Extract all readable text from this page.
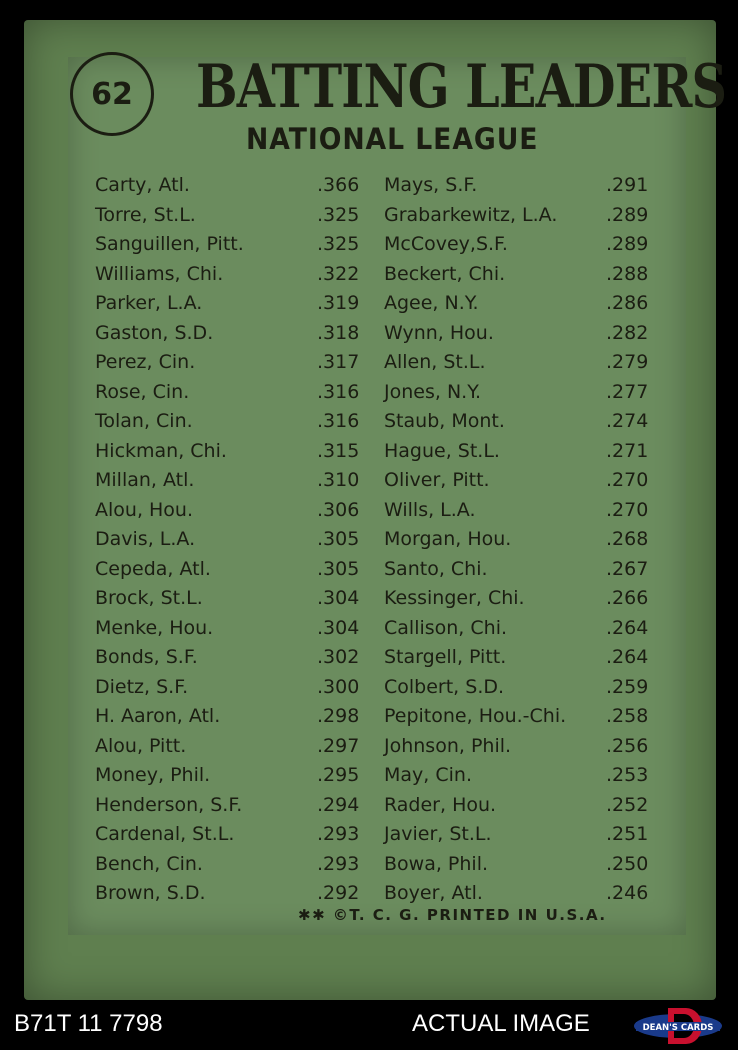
62 BATTING LEADERS
NATIONAL LEAGUE
Carty, Atl.	.366
Torre, St.L.	.325
Sanguillen, Pitt.	.325
Williams, Chi.	.322
Parker, L.A.	.319
Gaston, S.D.	.318
Perez, Cin.	.317
Rose, Cin.	.316
Tolan, Cin.	.316
Hickman, Chi.	.315
Millan, Atl.	.310
Alou, Hou.	.306
Davis, L.A.	.305
Cepeda, Atl.	.305
Brock, St.L.	.304
Menke, Hou.	.304
Bonds, S.F.	.302
Dietz, S.F.	.300
H. Aaron, Atl.	.298
Alou, Pitt.	.297
Money, Phil.	.295
Henderson, S.F.	.294
Cardenal, St.L.	.293
Bench, Cin.	.293
Brown, S.D.	.292
Mays, S.F.	.291
Grabarkewitz, L.A.	.289
McCovey,S.F.	.289
Beckert, Chi.	.288
Agee, N.Y.	.286
Wynn, Hou.	.282
Allen, St.L.	.279
Jones, N.Y.	.277
Staub, Mont.	.274
Hague, St.L.	.271
Oliver, Pitt.	.270
Wills, L.A.	.270
Morgan, Hou.	.268
Santo, Chi.	.267
Kessinger, Chi.	.266
Callison, Chi.	.264
Stargell, Pitt.	.264
Colbert, S.D.	.259
Pepitone, Hou.-Chi. .258
Johnson, Phil.	.256
May, Cin.	.253
Rader, Hou.	.252
Javier, St.L.	.251
Bowa, Phil.	.250
Boyer, Atl.	.246
✱✱ ©T. C. G. PRINTED IN U.S.A.
B71T 11 7798	ACTUAL IMAGE	DEAN'S CARDS
